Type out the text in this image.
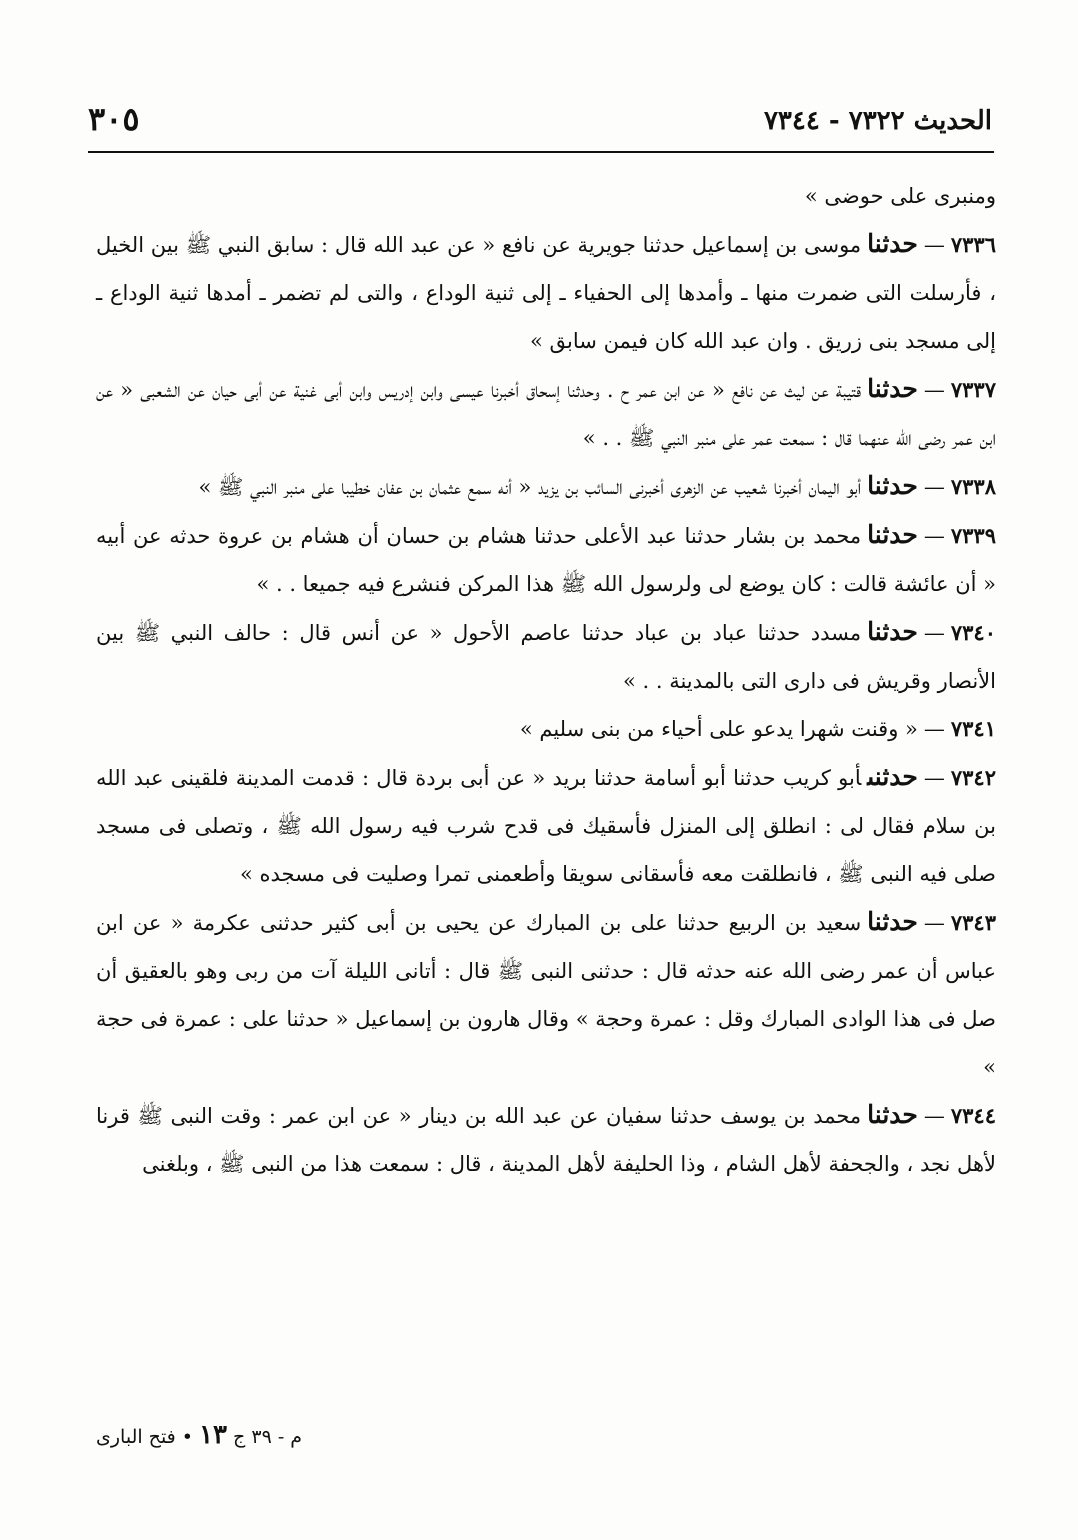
الحديث ٧٣٢٢ - ٧٣٤٤
٣٠٥

ومنبرى على حوضى »

٧٣٣٦—حدثناموسى بن إسماعيل حدثنا جويرية عن نافع « عن عبد الله قال : سابق النبي ﷺ بين الخيل ، فأرسلت التى ضمرت منها ـ وأمدها إلى الحفياء ـ إلى ثنية الوداع ، والتى لم تضمر ـ أمدها ثنية الوداع ـ إلى مسجد بنى زريق . وان عبد الله كان فيمن سابق »

٧٣٣٧—حدثناقتيبة عن ليث عن نافع « عن ابن عمر ح . وحدثنا إسحاق أخبرنا عيسى وابن إدريس وابن أبى غنية عن أبى حيان عن الشعبى « عن ابن عمر رضى الله عنهما قال : سمعت عمر على منبر النبي ﷺ . . »

٧٣٣٨—حدثناأبو اليمان أخبرنا شعيب عن الزهرى أخبرنى السائب بن يزيد « أنه سمع عثمان بن عفان خطيبا على منبر النبي ﷺ »

٧٣٣٩—حدثنامحمد بن بشار حدثنا عبد الأعلى حدثنا هشام بن حسان أن هشام بن عروة حدثه عن أبيه « أن عائشة قالت : كان يوضع لى ولرسول الله ﷺ هذا المركن فنشرع فيه جميعا . . »

٧٣٤٠—حدثنامسدد حدثنا عباد بن عباد حدثنا عاصم الأحول « عن أنس قال : حالف النبي ﷺ بين الأنصار وقريش فى دارى التى بالمدينة . . »

٧٣٤١—« وقنت شهرا يدعو على أحياء من بنى سليم »

٧٣٤٢—حدثنىأبو كريب حدثنا أبو أسامة حدثنا بريد « عن أبى بردة قال : قدمت المدينة فلقينى عبد الله بن سلام فقال لى : انطلق إلى المنزل فأسقيك فى قدح شرب فيه رسول الله ﷺ ، وتصلى فى مسجد صلى فيه النبى ﷺ ، فانطلقت معه فأسقانى سويقا وأطعمنى تمرا وصليت فى مسجده »

٧٣٤٣—حدثناسعيد بن الربيع حدثنا على بن المبارك عن يحيى بن أبى كثير حدثنى عكرمة « عن ابن عباس أن عمر رضى الله عنه حدثه قال : حدثنى النبى ﷺ قال : أتانى الليلة آت من ربى وهو بالعقيق أن صل فى هذا الوادى المبارك وقل : عمرة وحجة » وقال هارون بن إسماعيل « حدثنا على : عمرة فى حجة »

٧٣٤٤—حدثنامحمد بن يوسف حدثنا سفيان عن عبد الله بن دينار « عن ابن عمر : وقت النبى ﷺ قرنا لأهل نجد ، والجحفة لأهل الشام ، وذا الحليفة لأهل المدينة ، قال : سمعت هذا من النبى ﷺ ، وبلغنى

م - ٣٩ ج ١٣ • فتح البارى
